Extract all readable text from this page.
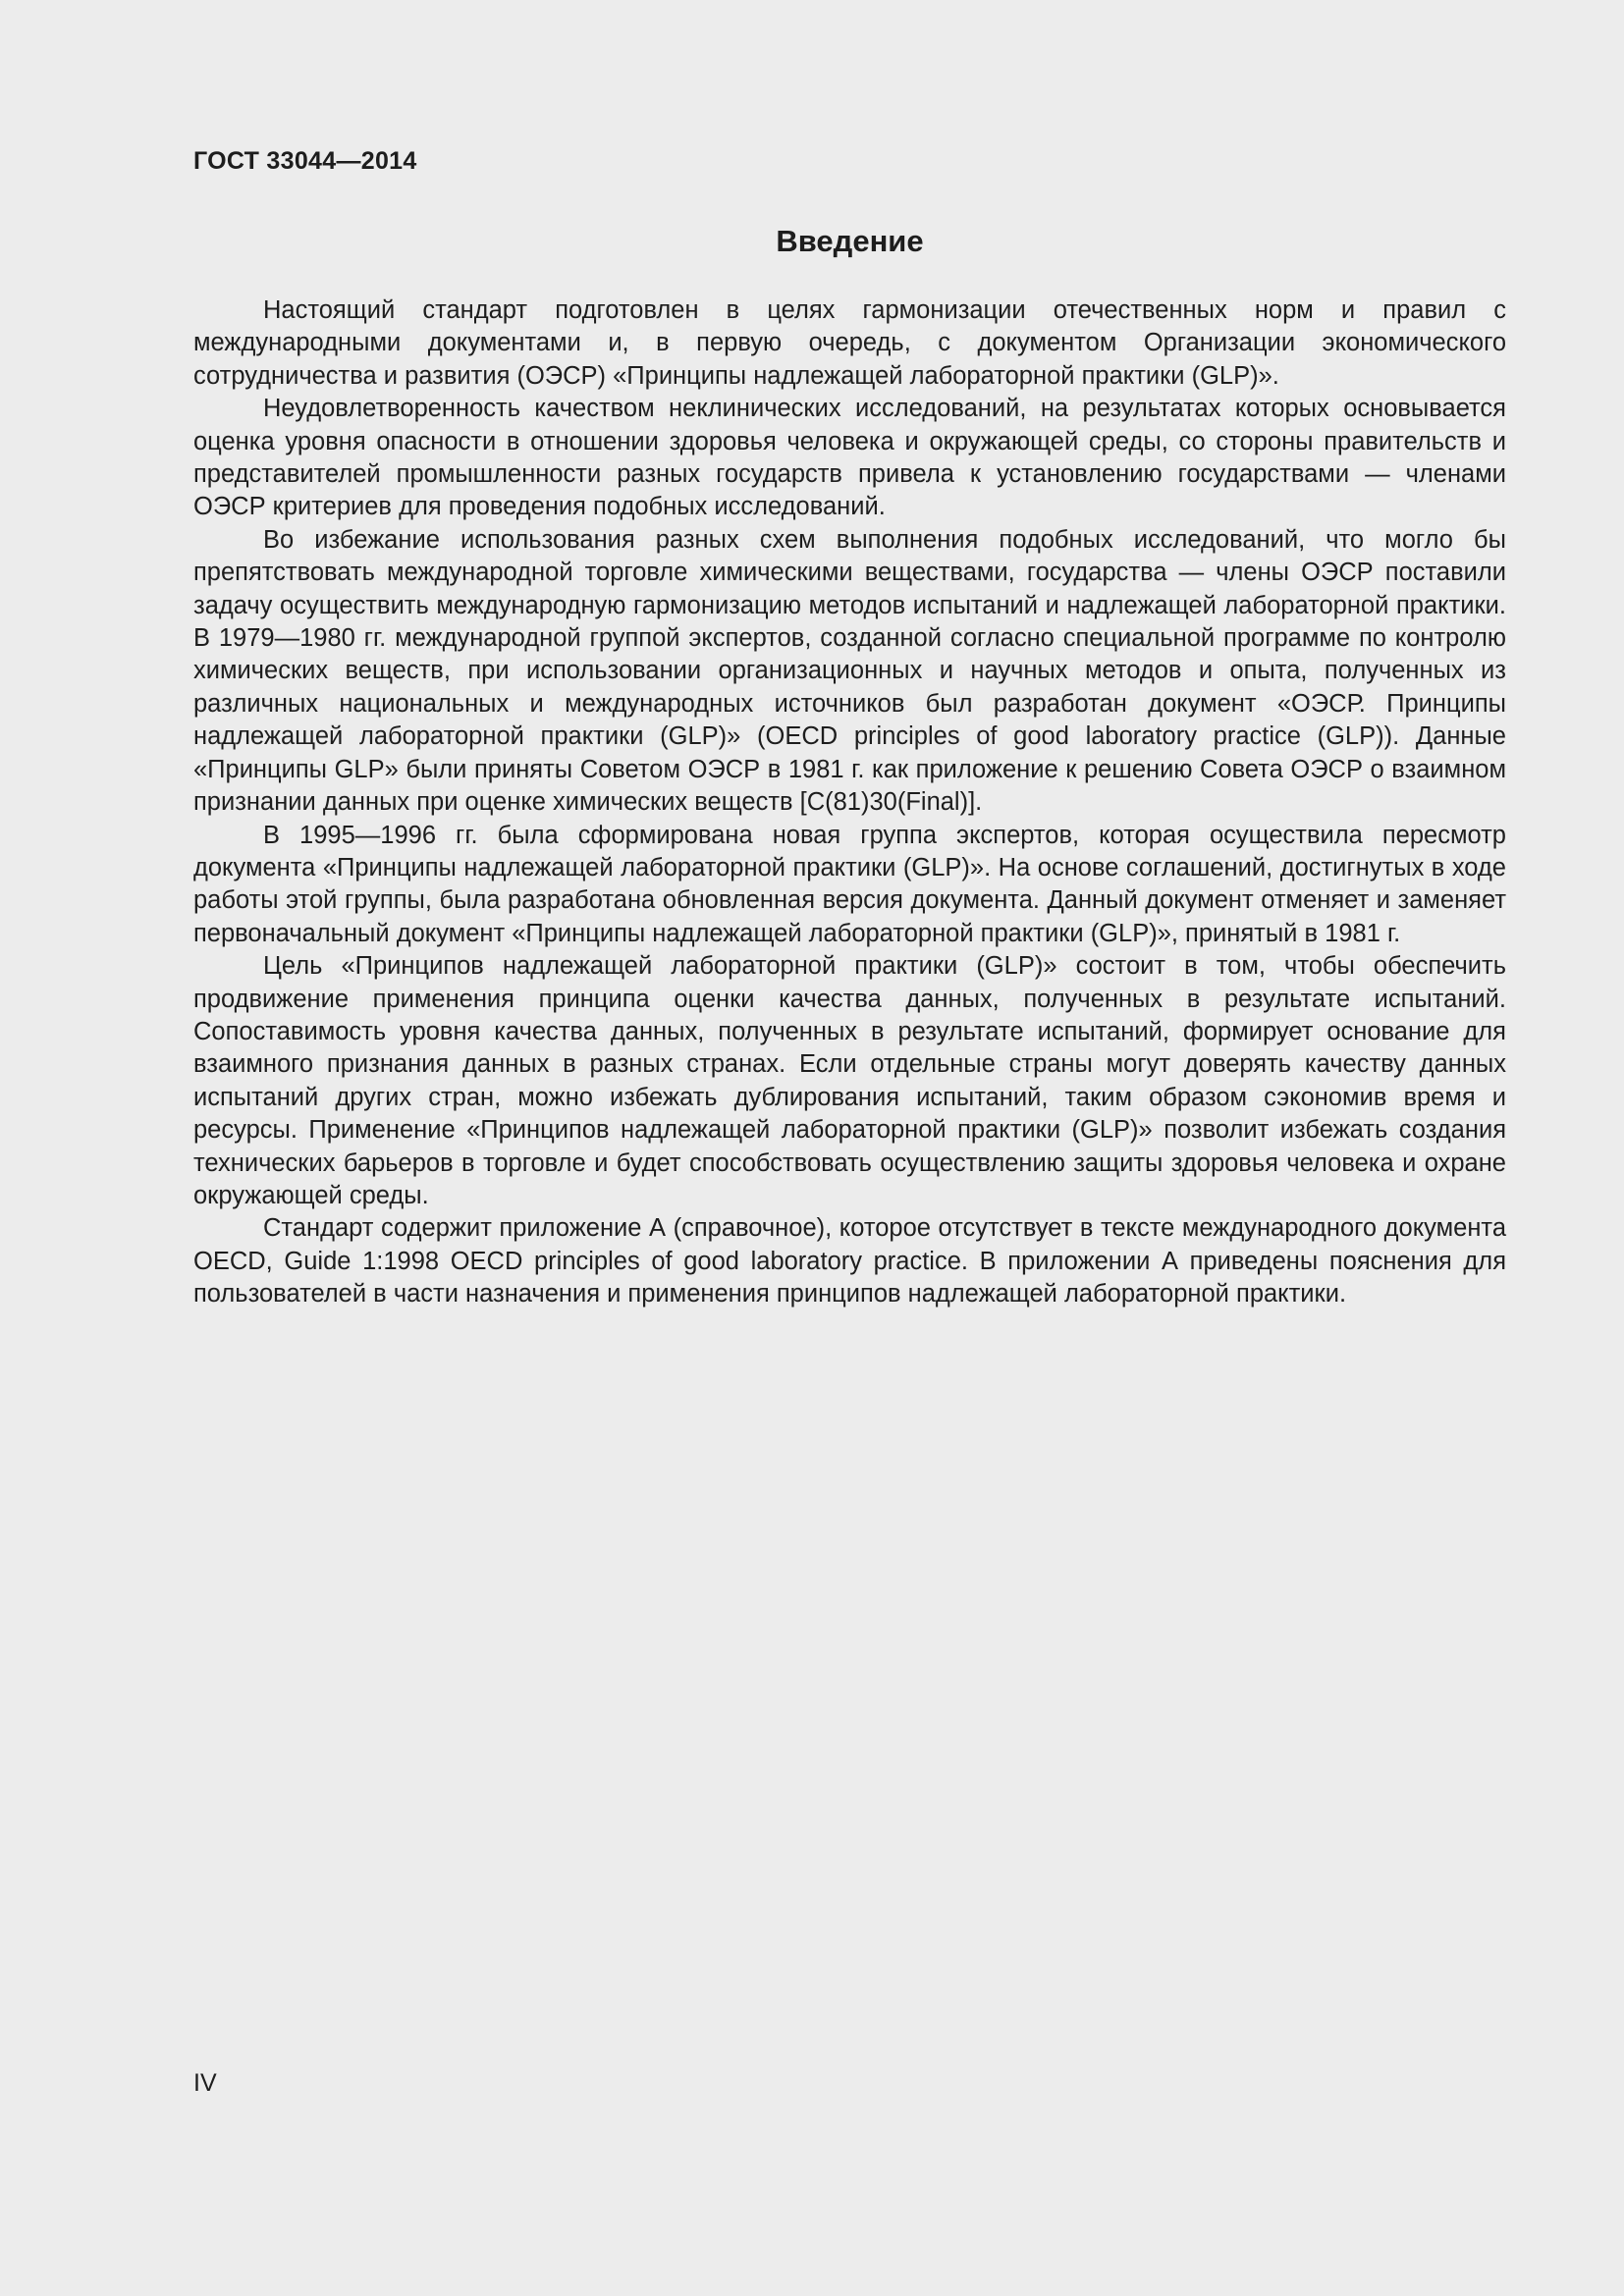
ГОСТ 33044—2014
Введение

Настоящий стандарт подготовлен в целях гармонизации отечественных норм и правил с международными документами и, в первую очередь, с документом Организации экономического сотрудничества и развития (ОЭСР) «Принципы надлежащей лабораторной практики (GLP)».

Неудовлетворенность качеством неклинических исследований, на результатах которых основывается оценка уровня опасности в отношении здоровья человека и окружающей среды, со стороны правительств и представителей промышленности разных государств привела к установлению государствами — членами ОЭСР критериев для проведения подобных исследований.

Во избежание использования разных схем выполнения подобных исследований, что могло бы препятствовать международной торговле химическими веществами, государства — члены ОЭСР поставили задачу осуществить международную гармонизацию методов испытаний и надлежащей лабораторной практики. В 1979—1980 гг. международной группой экспертов, созданной согласно специальной программе по контролю химических веществ, при использовании организационных и научных методов и опыта, полученных из различных национальных и международных источников был разработан документ «ОЭСР. Принципы надлежащей лабораторной практики (GLP)» (OECD principles of good laboratory practice (GLP)). Данные «Принципы GLP» были приняты Советом ОЭСР в 1981 г. как приложение к решению Совета ОЭСР о взаимном признании данных при оценке химических веществ [C(81)30(Final)].

В 1995—1996 гг. была сформирована новая группа экспертов, которая осуществила пересмотр документа «Принципы надлежащей лабораторной практики (GLP)». На основе соглашений, достигнутых в ходе работы этой группы, была разработана обновленная версия документа. Данный документ отменяет и заменяет первоначальный документ «Принципы надлежащей лабораторной практики (GLP)», принятый в 1981 г.

Цель «Принципов надлежащей лабораторной практики (GLP)» состоит в том, чтобы обеспечить продвижение применения принципа оценки качества данных, полученных в результате испытаний. Сопоставимость уровня качества данных, полученных в результате испытаний, формирует основание для взаимного признания данных в разных странах. Если отдельные страны могут доверять качеству данных испытаний других стран, можно избежать дублирования испытаний, таким образом сэкономив время и ресурсы. Применение «Принципов надлежащей лабораторной практики (GLP)» позволит избежать создания технических барьеров в торговле и будет способствовать осуществлению защиты здоровья человека и охране окружающей среды.

Стандарт содержит приложение А (справочное), которое отсутствует в тексте международного документа OECD, Guide 1:1998 OECD principles of good laboratory practice. В приложении А приведены пояснения для пользователей в части назначения и применения принципов надлежащей лабораторной практики.

IV
